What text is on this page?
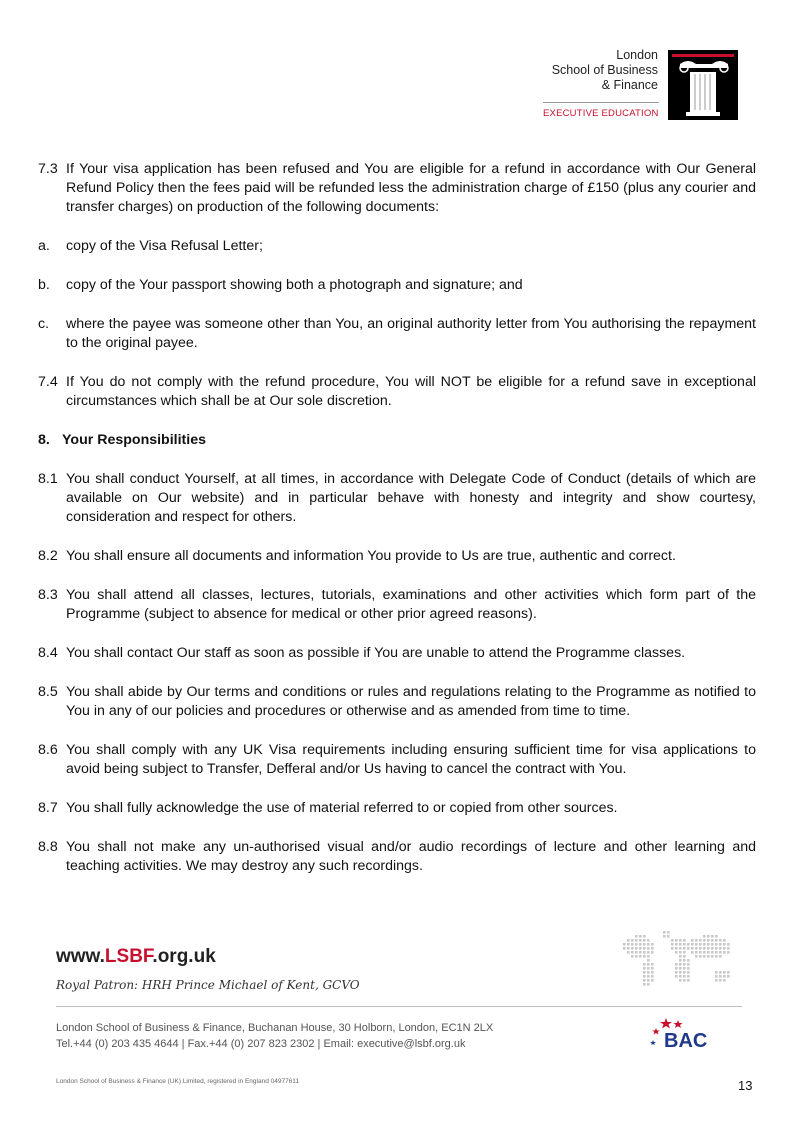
London
School of Business
& Finance
EXECUTIVE EDUCATION
7.3 If Your visa application has been refused and You are eligible for a refund in accordance with Our General Refund Policy then the fees paid will be refunded less the administration charge of £150 (plus any courier and transfer charges) on production of the following documents:
a. copy of the Visa Refusal Letter;
b. copy of the Your passport showing both a photograph and signature; and
c. where the payee was someone other than You, an original authority letter from You authorising the repayment to the original payee.
7.4 If You do not comply with the refund procedure, You will NOT be eligible for a refund save in exceptional circumstances which shall be at Our sole discretion.
8. Your Responsibilities
8.1 You shall conduct Yourself, at all times, in accordance with Delegate Code of Conduct (details of which are available on Our website) and in particular behave with honesty and integrity and show courtesy, consideration and respect for others.
8.2 You shall ensure all documents and information You provide to Us are true, authentic and correct.
8.3 You shall attend all classes, lectures, tutorials, examinations and other activities which form part of the Programme (subject to absence for medical or other prior agreed reasons).
8.4 You shall contact Our staff as soon as possible if You are unable to attend the Programme classes.
8.5 You shall abide by Our terms and conditions or rules and regulations relating to the Programme as notified to You in any of our policies and procedures or otherwise and as amended from time to time.
8.6 You shall comply with any UK Visa requirements including ensuring sufficient time for visa applications to avoid being subject to Transfer, Defferal and/or Us having to cancel the contract with You.
8.7 You shall fully acknowledge the use of material referred to or copied from other sources.
8.8 You shall not make any un-authorised visual and/or audio recordings of lecture and other learning and teaching activities. We may destroy any such recordings.
www.LSBF.org.uk
Royal Patron: HRH Prince Michael of Kent, GCVO
London School of Business & Finance, Buchanan House, 30 Holborn, London, EC1N 2LX
Tel.+44 (0) 203 435 4644 | Fax.+44 (0) 207 823 2302 | Email: executive@lsbf.org.uk	BAC
London School of Business & Finance (UK) Limited, registered in England 04977611	13
